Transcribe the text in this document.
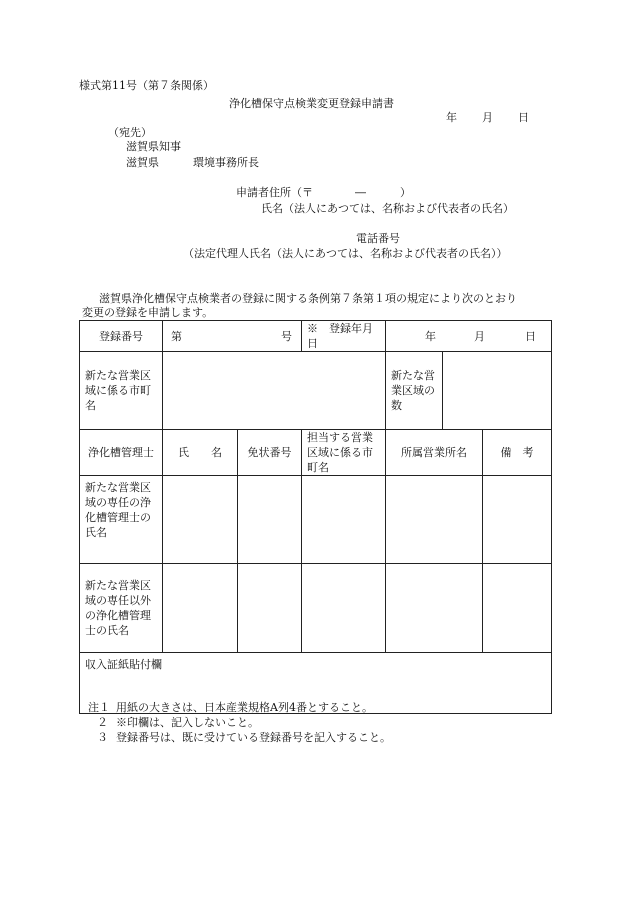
様式第11号（第７条関係）
浄化槽保守点検業変更登録申請書
年 月 日
（宛先）
滋賀県知事
滋賀県	環境事務所長
申請者住所（〒	―	）
氏名（法人にあつては、名称および代表者の氏名）
電話番号
（法定代理人氏名（法人にあつては、名称および代表者の氏名））
滋賀県浄化槽保守点検業者の登録に関する条例第７条第１項の規定により次のとおり
変更の登録を申請します。
登録番号	第 号		※　登録年月日	年 月 日		
新たな営業区域に係る市町名				新たな営業区域の数		
浄化槽管理士	氏　　名	免状番号	担当する営業区域に係る市町名	所属営業所名		備　考
新たな営業区域の専任の浄化槽管理士の氏名						
新たな営業区域の専任以外の浄化槽管理士の氏名						
収入証紙貼付欄						
注１ 用紙の大きさは、日本産業規格A列4番とすること。
２ ※印欄は、記入しないこと。
３ 登録番号は、既に受けている登録番号を記入すること。
